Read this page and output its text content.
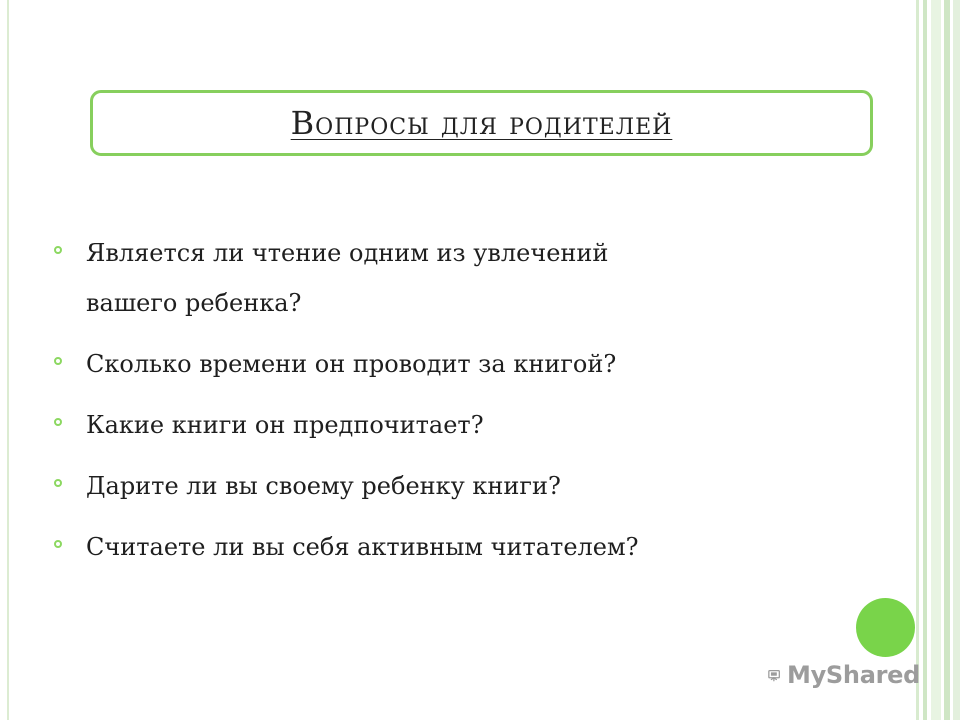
Вопросы для родителей
Является ли чтение одним из увлечений
вашего ребенка?
Сколько времени он проводит за книгой?
Какие книги он предпочитает?
Дарите ли вы своему ребенку книги?
Считаете ли вы себя активным читателем?
MyShared
